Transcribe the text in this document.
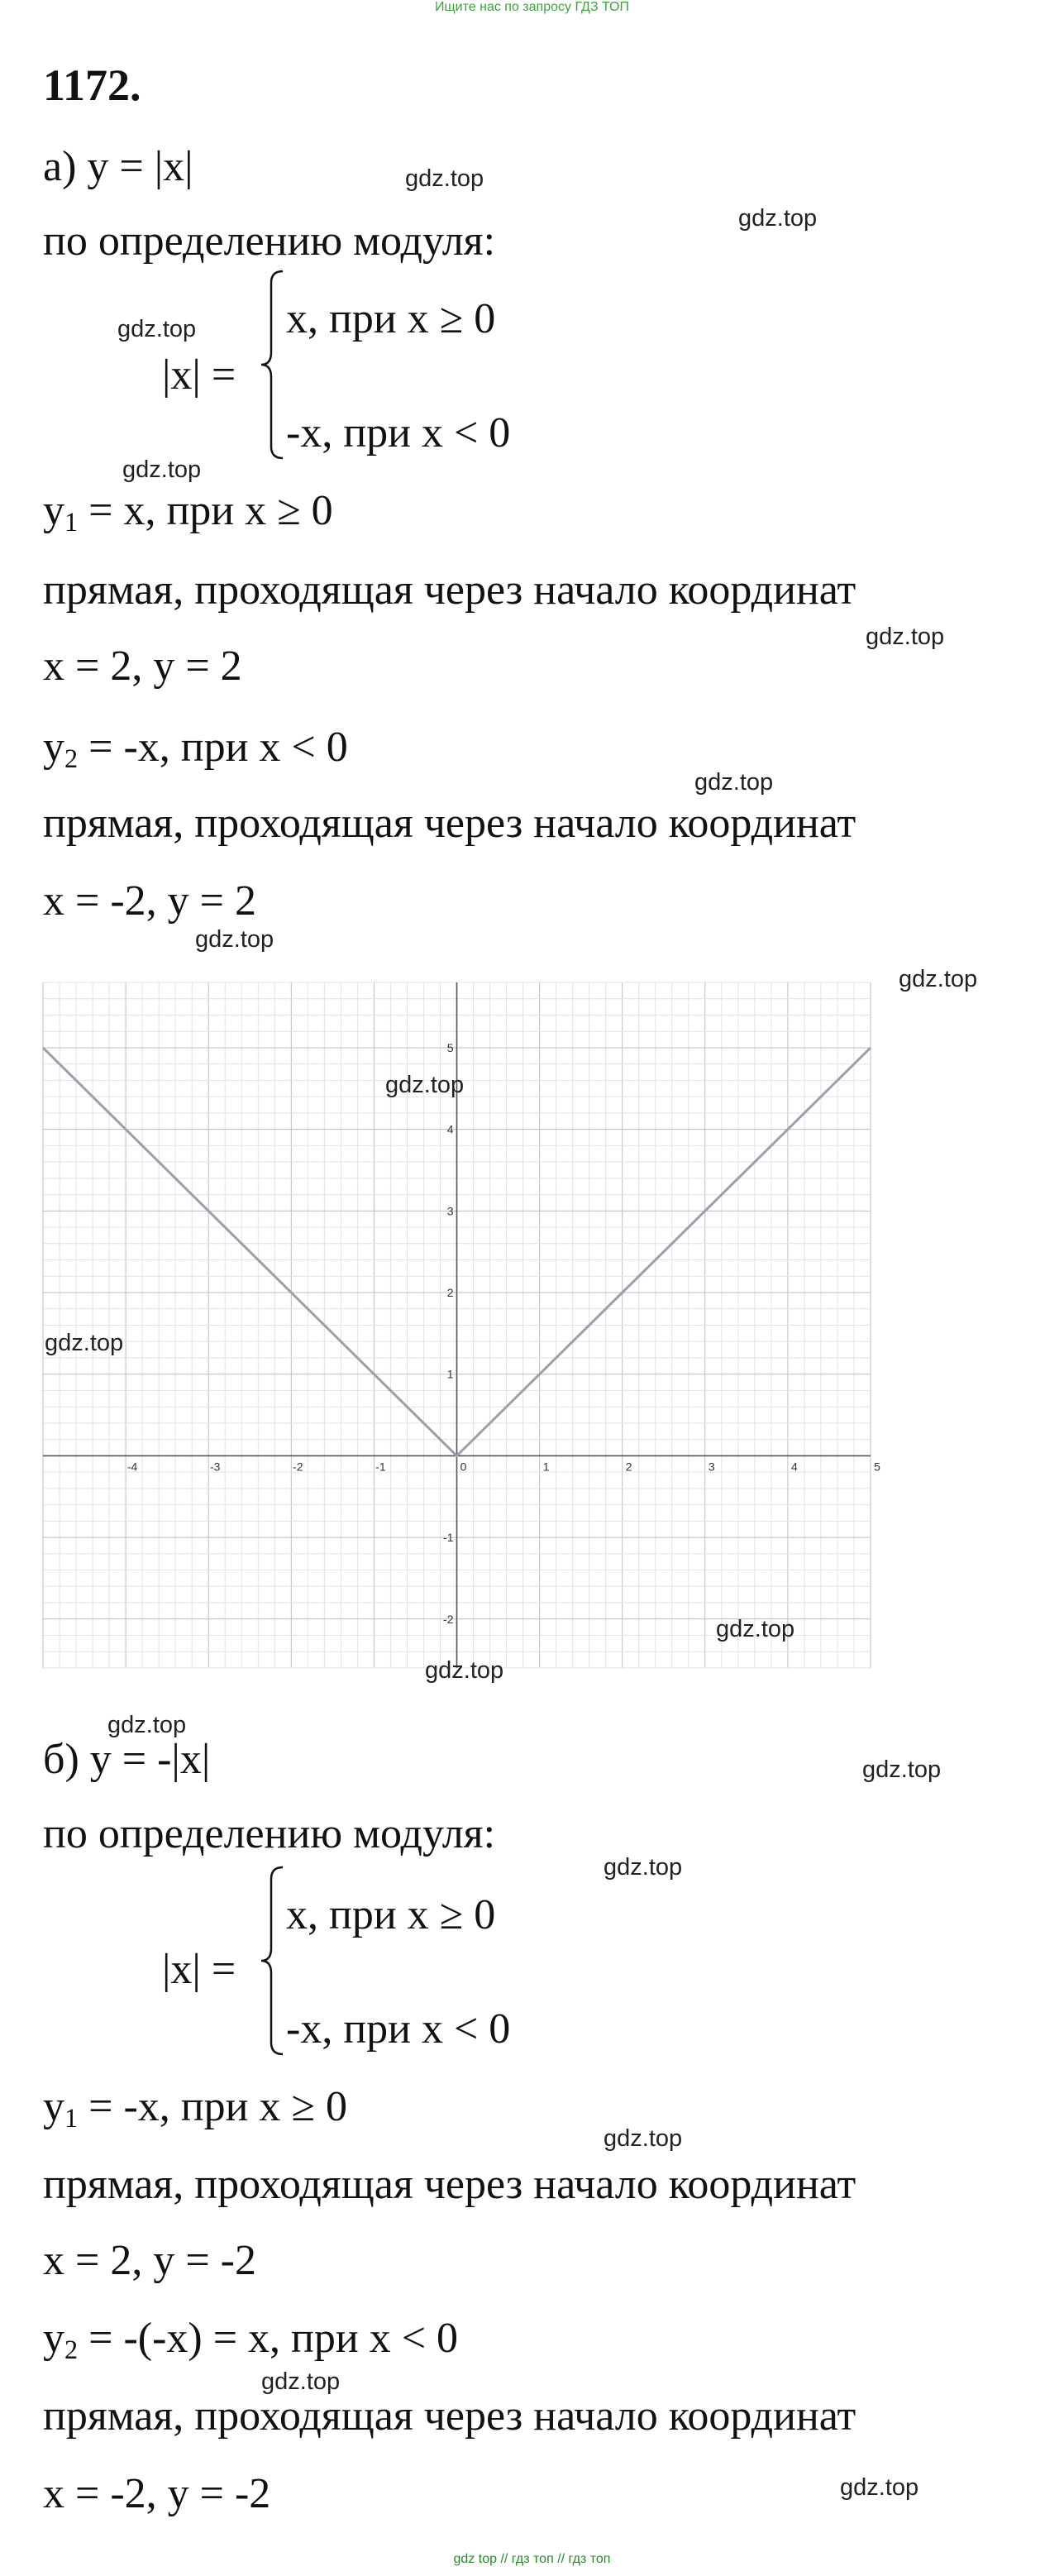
Ищите нас по запросу ГДЗ ТОП
1172.
а) y = |x|
по определению модуля:
|x| =
x, при x ≥ 0
-x, при x < 0
$y_1 = x$, при x ≥ 0
прямая, проходящая через начало координат
x = 2, y = 2
$y_2 = -x$, при x < 0
прямая, проходящая через начало координат
x = -2, y = 2
-4	-3	-2	-1	0	1	2	3	4	5
-2
-1
1
2
3
4
5
б) y = -|x|
по определению модуля:
|x| =
x, при x ≥ 0
-x, при x < 0
$y_1 = -x$, при x ≥ 0
прямая, проходящая через начало координат
x = 2, y = -2
$y_2 = -(-x) = x$, при x < 0
прямая, проходящая через начало координат
x = -2, y = -2
gdz.top
gdz.top
gdz.top
gdz.top
gdz.top
gdz.top
gdz.top
gdz.top
gdz.top
gdz.top
gdz.top
gdz.top
gdz.top
gdz.top
gdz.top
gdz.top
gdz.top
gdz.top
gdz top // гдз топ // гдз топ
